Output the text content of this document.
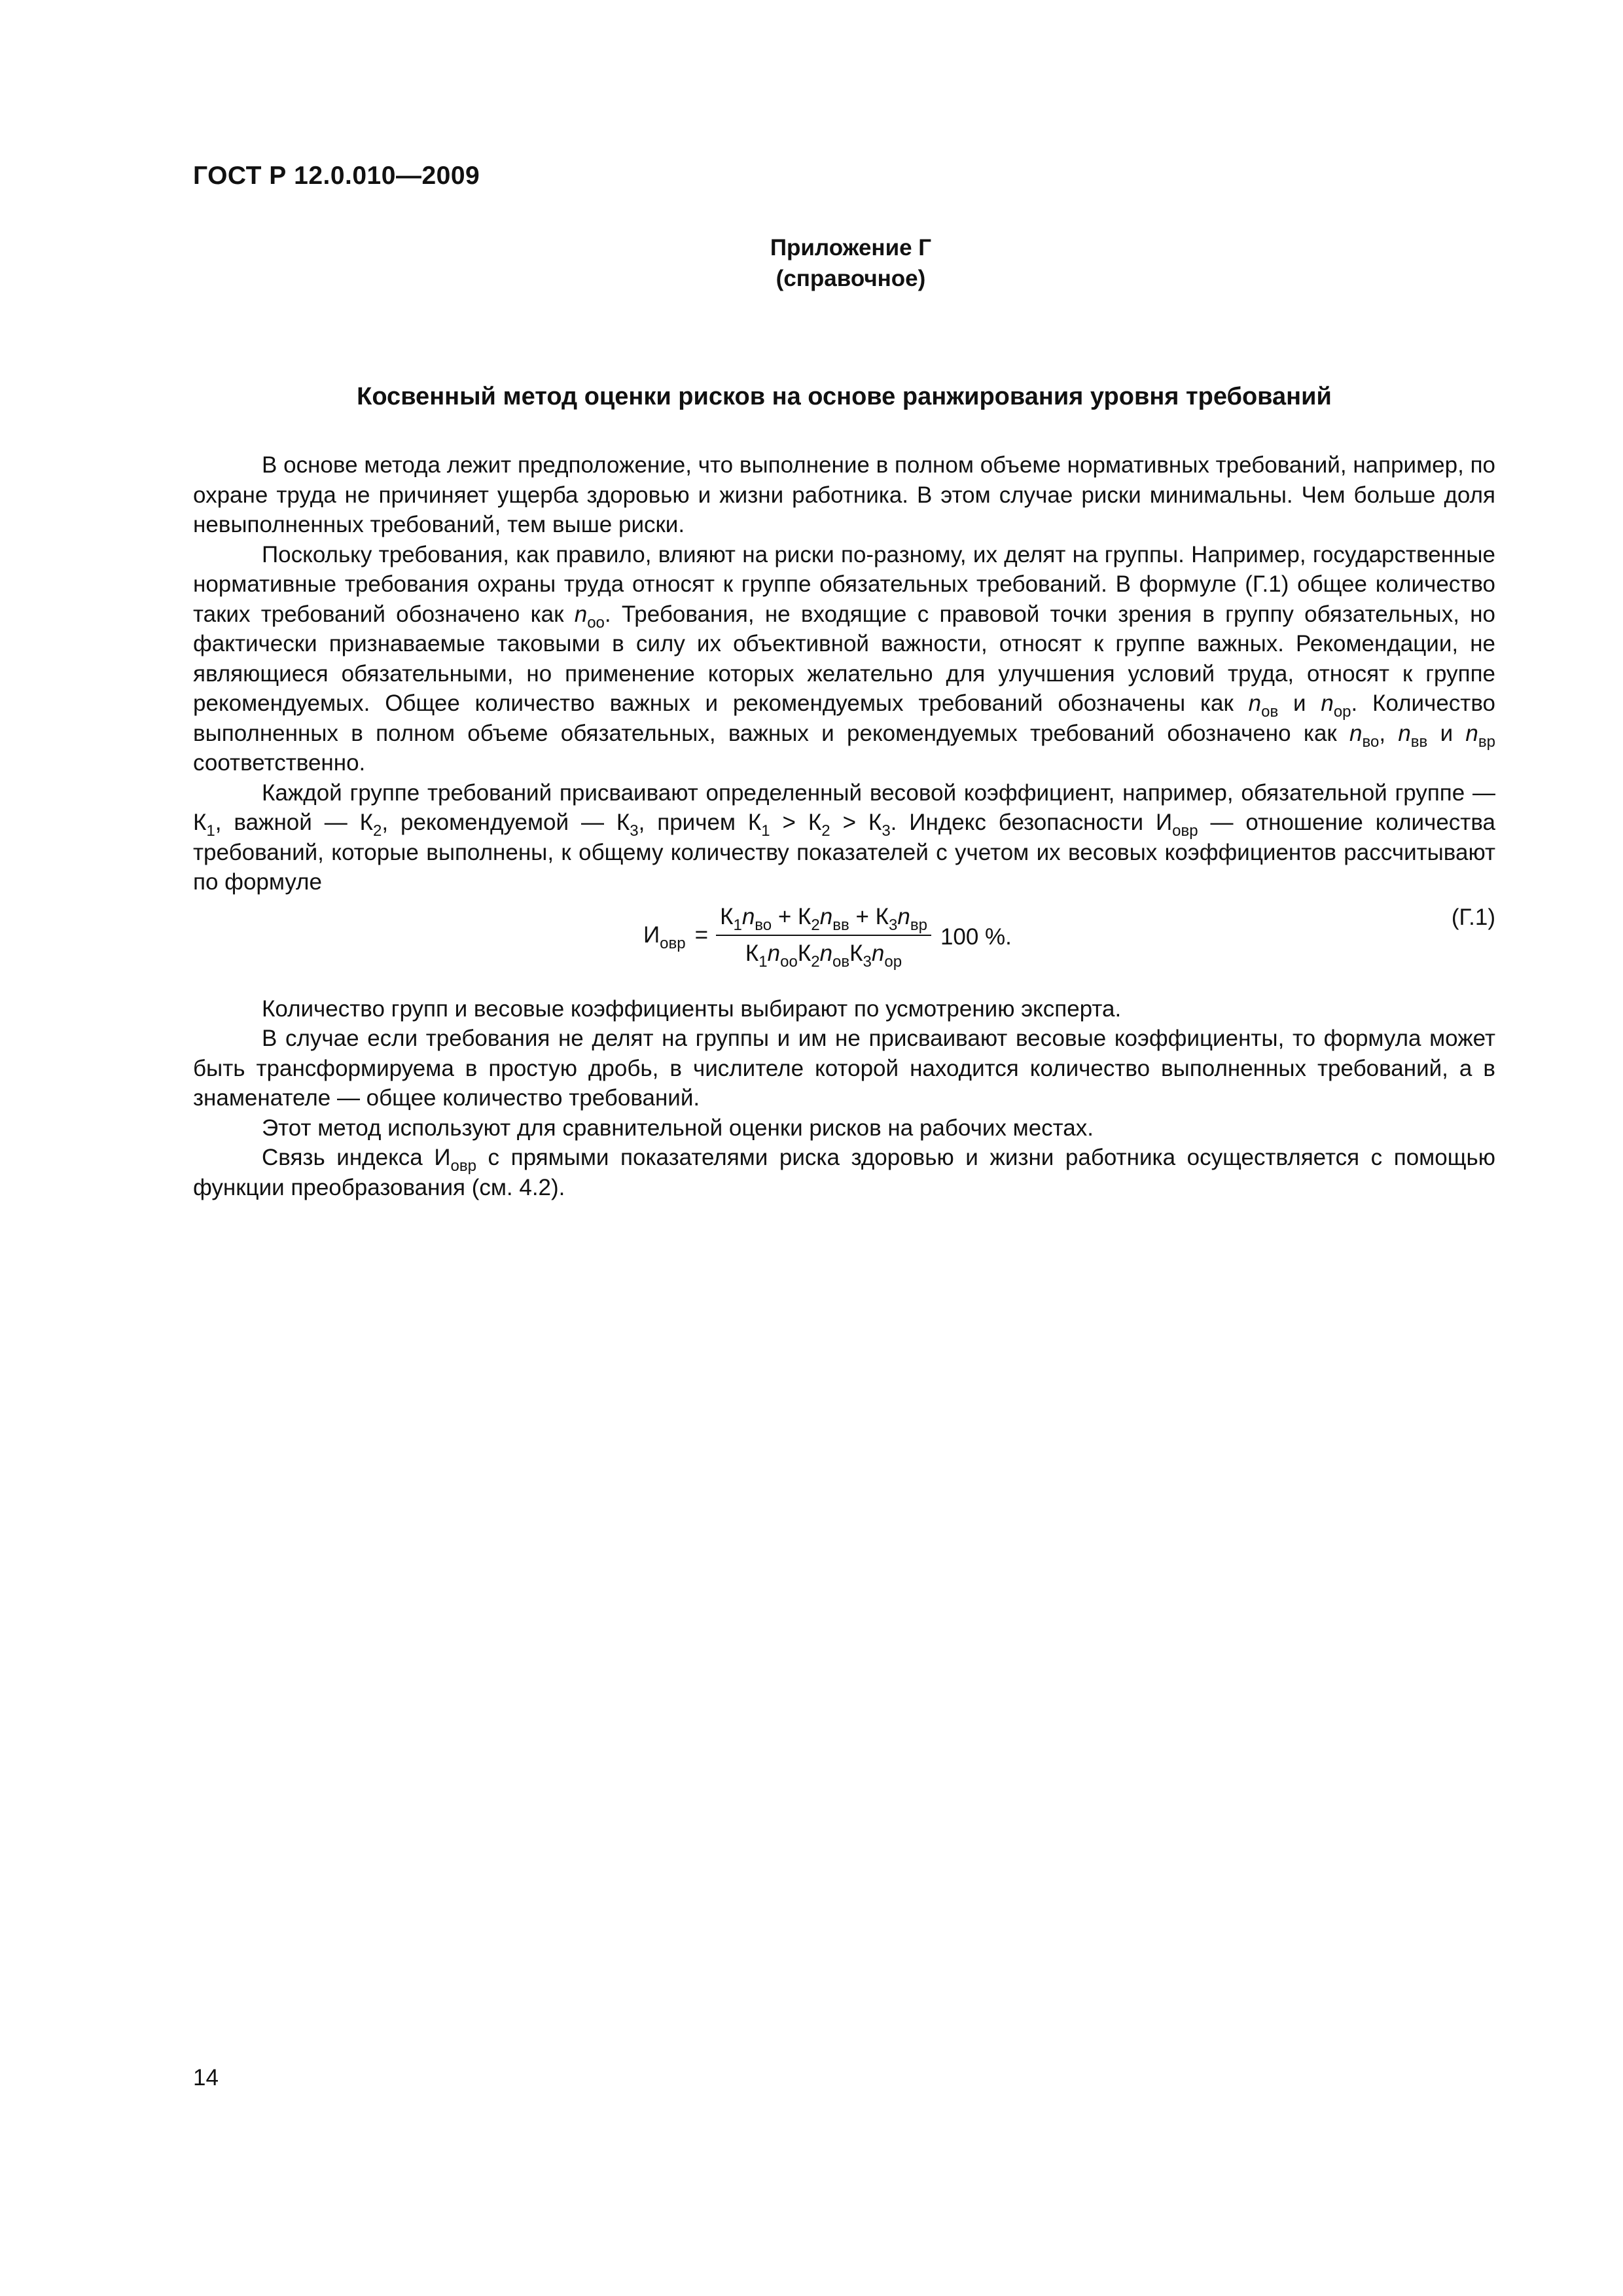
ГОСТ Р 12.0.010—2009
Приложение Г
(справочное)
Косвенный метод оценки рисков на основе ранжирования уровня требований

В основе метода лежит предположение, что выполнение в полном объеме нормативных требований, например, по охране труда не причиняет ущерба здоровью и жизни работника. В этом случае риски минимальны. Чем больше доля невыполненных требований, тем выше риски.

Поскольку требования, как правило, влияют на риски по-разному, их делят на группы. Например, государственные нормативные требования охраны труда относят к группе обязательных требований. В формуле (Г.1) общее количество таких требований обозначено как $n_{оо}$. Требования, не входящие с правовой точки зрения в группу обязательных, но фактически признаваемые таковыми в силу их объективной важности, относят к группе важных. Рекомендации, не являющиеся обязательными, но применение которых желательно для улучшения условий труда, относят к группе рекомендуемых. Общее количество важных и рекомендуемых требований обозначены как $n_{ов}$ и $n_{ор}$. Количество выполненных в полном объеме обязательных, важных и рекомендуемых требований обозначено как $n_{во}$, $n_{вв}$ и $n_{вр}$ соответственно.

Каждой группе требований присваивают определенный весовой коэффициент, например, обязательной группе — $К_1$, важной — $К_2$, рекомендуемой — $К_3$, причем $К_1 > К_2 > К_3$. Индекс безопасности $И_{овр}$ — отношение количества требований, которые выполнены, к общему количеству показателей с учетом их весовых коэффициентов рассчитывают по формуле

$И_{овр} = \frac{К_1n_{во} + К_2n_{вв} + К_3n_{вр}}{К_1n_{оо}К_2n_{ов}К_3n_{ор}} 100$ %.
(Г.1)

Количество групп и весовые коэффициенты выбирают по усмотрению эксперта.

В случае если требования не делят на группы и им не присваивают весовые коэффициенты, то формула может быть трансформируема в простую дробь, в числителе которой находится количество выполненных требований, а в знаменателе — общее количество требований.

Этот метод используют для сравнительной оценки рисков на рабочих местах.

Связь индекса $И_{овр}$ с прямыми показателями риска здоровью и жизни работника осуществляется с помощью функции преобразования (см. 4.2).

14
